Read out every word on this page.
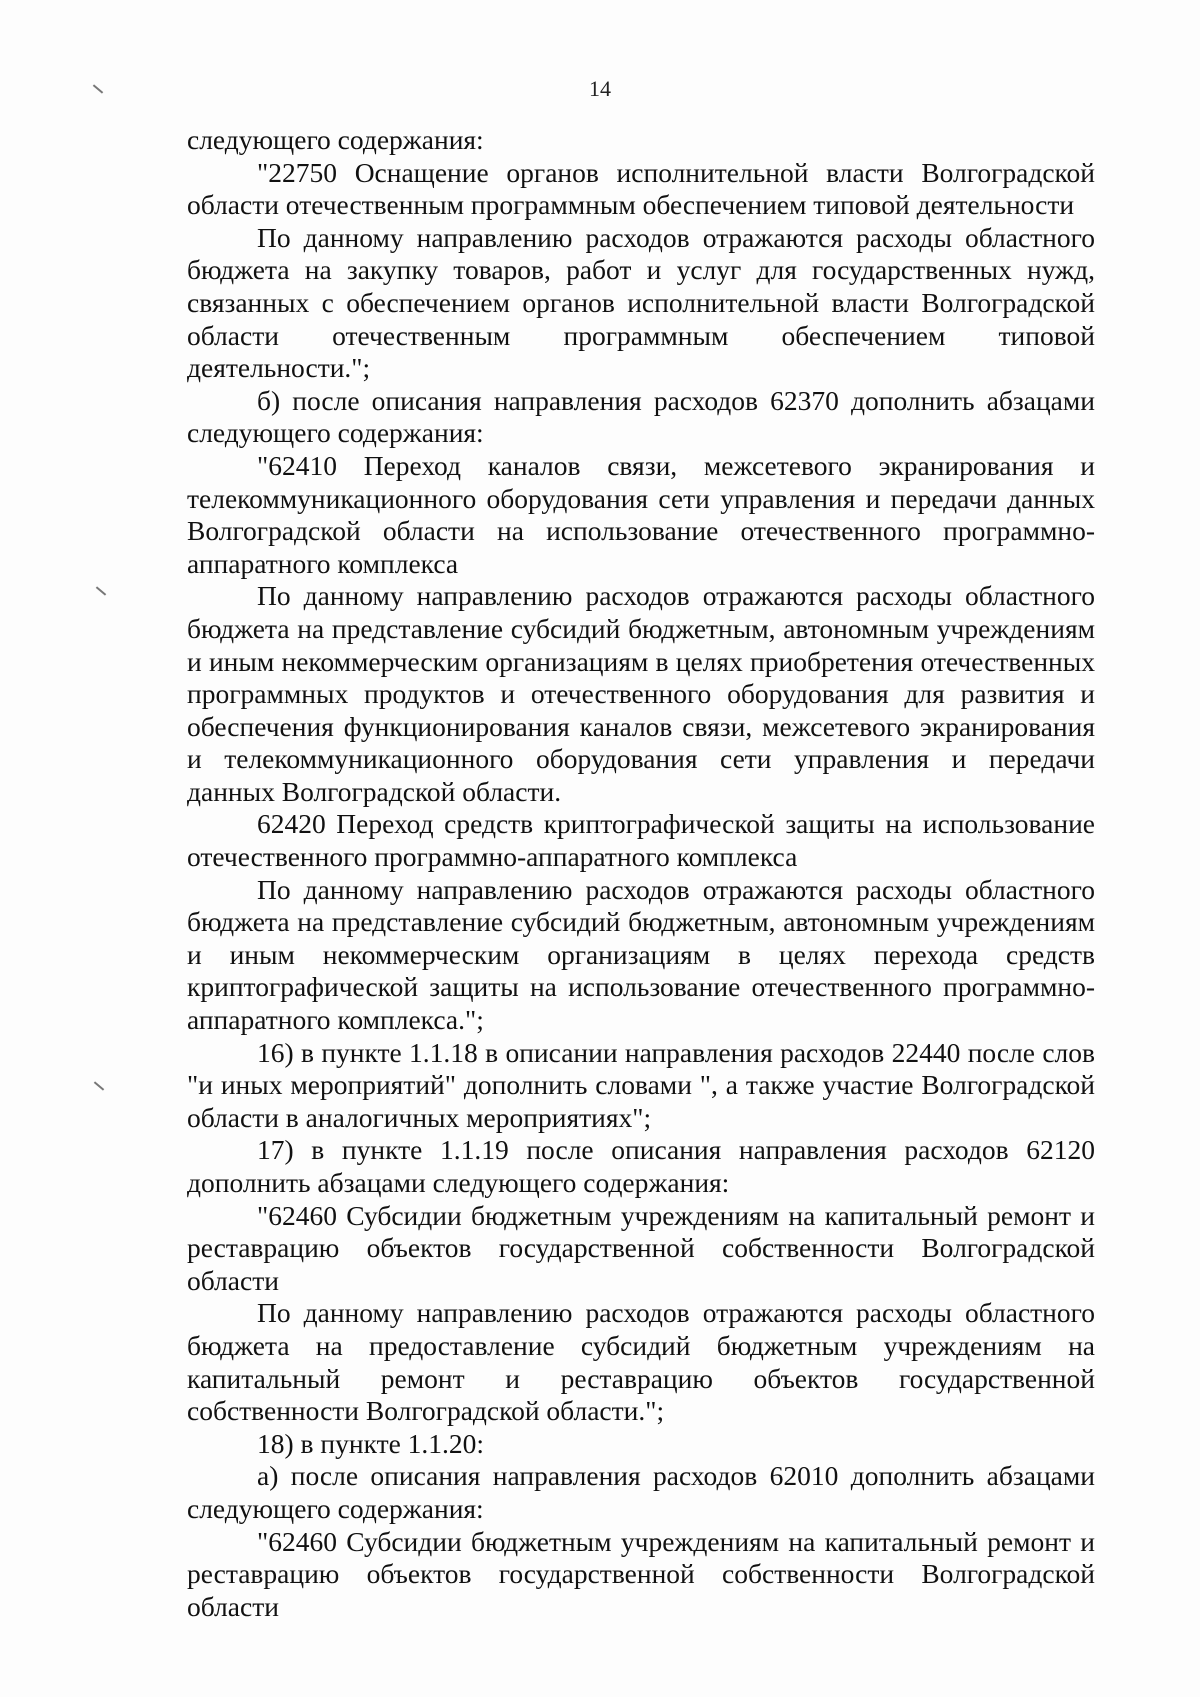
14

следующего содержания:

"22750 Оснащение органов исполнительной власти Волгоградской области отечественным программным обеспечением типовой деятельности

По данному направлению расходов отражаются расходы областного бюджета на закупку товаров, работ и услуг для государственных нужд, связанных с обеспечением органов исполнительной власти Волгоградской области отечественным программным обеспечением типовой деятельности.";

б) после описания направления расходов 62370 дополнить абзацами следующего содержания:

"62410 Переход каналов связи, межсетевого экранирования и телекоммуникационного оборудования сети управления и передачи данных Волгоградской области на использование отечественного программно-аппаратного комплекса

По данному направлению расходов отражаются расходы областного бюджета на представление субсидий бюджетным, автономным учреждениям и иным некоммерческим организациям в целях приобретения отечественных программных продуктов и отечественного оборудования для развития и обеспечения функционирования каналов связи, межсетевого экранирования и телекоммуникационного оборудования сети управления и передачи данных Волгоградской области.

62420 Переход средств криптографической защиты на использование отечественного программно-аппаратного комплекса

По данному направлению расходов отражаются расходы областного бюджета на представление субсидий бюджетным, автономным учреждениям и иным некоммерческим организациям в целях перехода средств криптографической защиты на использование отечественного программно-аппаратного комплекса.";

16) в пункте 1.1.18 в описании направления расходов 22440 после слов "и иных мероприятий" дополнить словами ", а также участие Волгоградской области в аналогичных мероприятиях";

17) в пункте 1.1.19 после описания направления расходов 62120 дополнить абзацами следующего содержания:

"62460 Субсидии бюджетным учреждениям на капитальный ремонт и реставрацию объектов государственной собственности Волгоградской области

По данному направлению расходов отражаются расходы областного бюджета на предоставление субсидий бюджетным учреждениям на капитальный ремонт и реставрацию объектов государственной собственности Волгоградской области.";

18) в пункте 1.1.20:

а) после описания направления расходов 62010 дополнить абзацами следующего содержания:

"62460 Субсидии бюджетным учреждениям на капитальный ремонт и реставрацию объектов государственной собственности Волгоградской области
